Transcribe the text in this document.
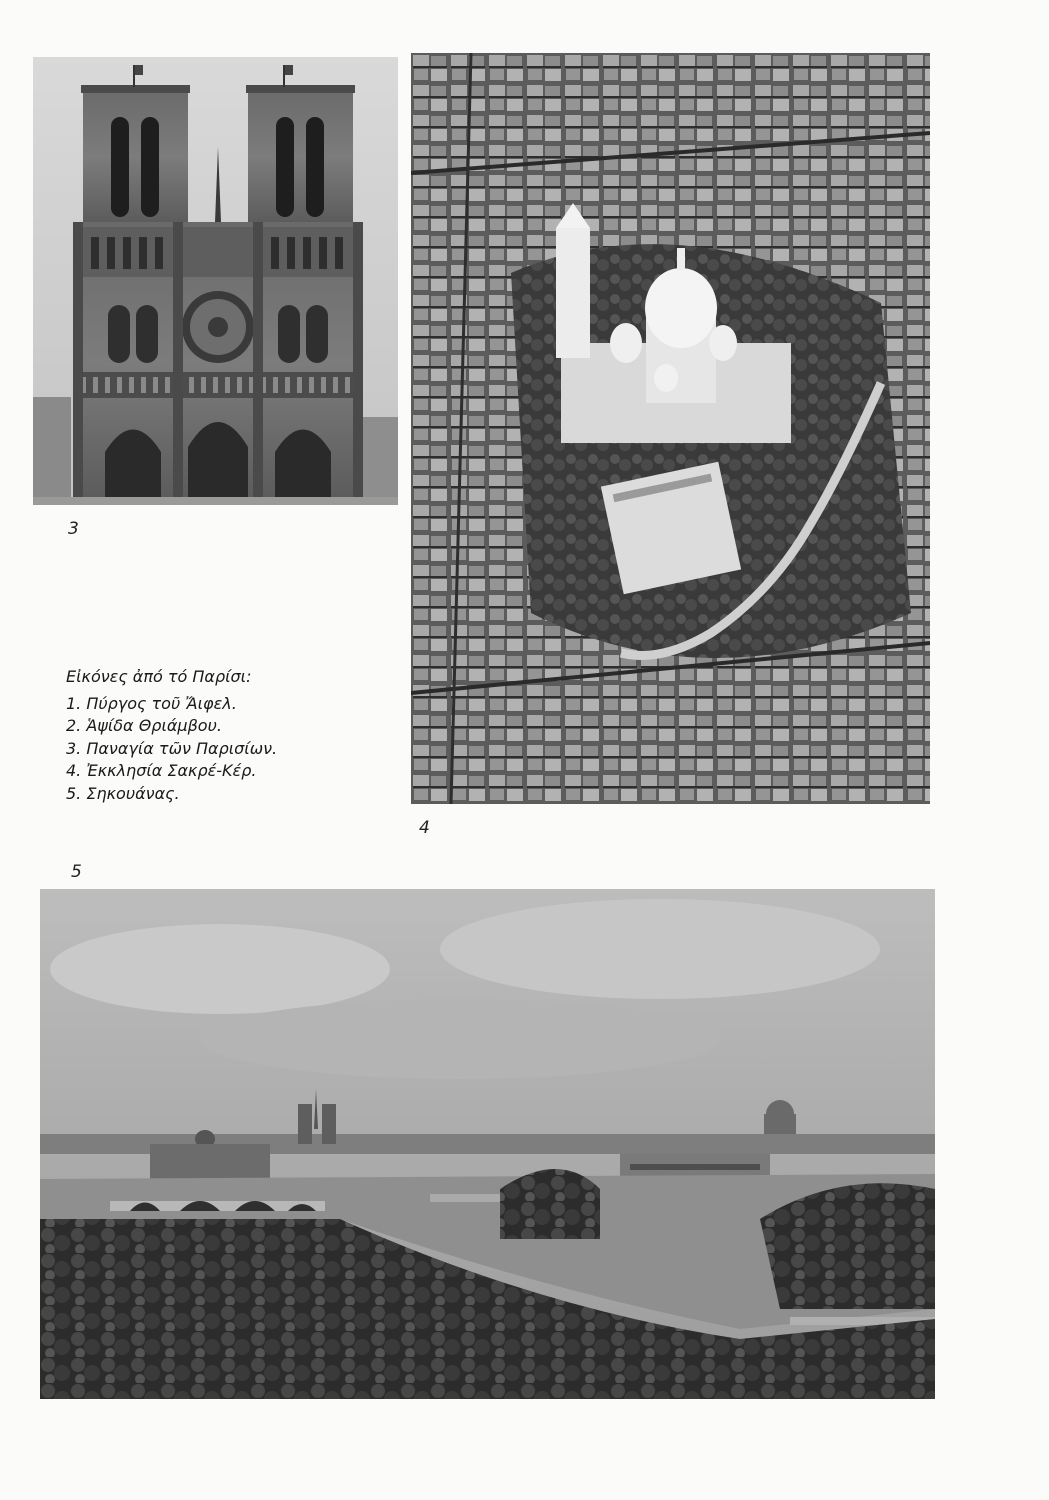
3
4
Εἰκόνες ἀπό τό Παρίσι:
1. Πύργος τοῦ Ἄιφελ.
2. Ἁψίδα Θριάμβου.
3. Παναγία τῶν Παρισίων.
4. Ἐκκλησία Σακρέ-Κέρ.
5. Σηκουάνας.
5
